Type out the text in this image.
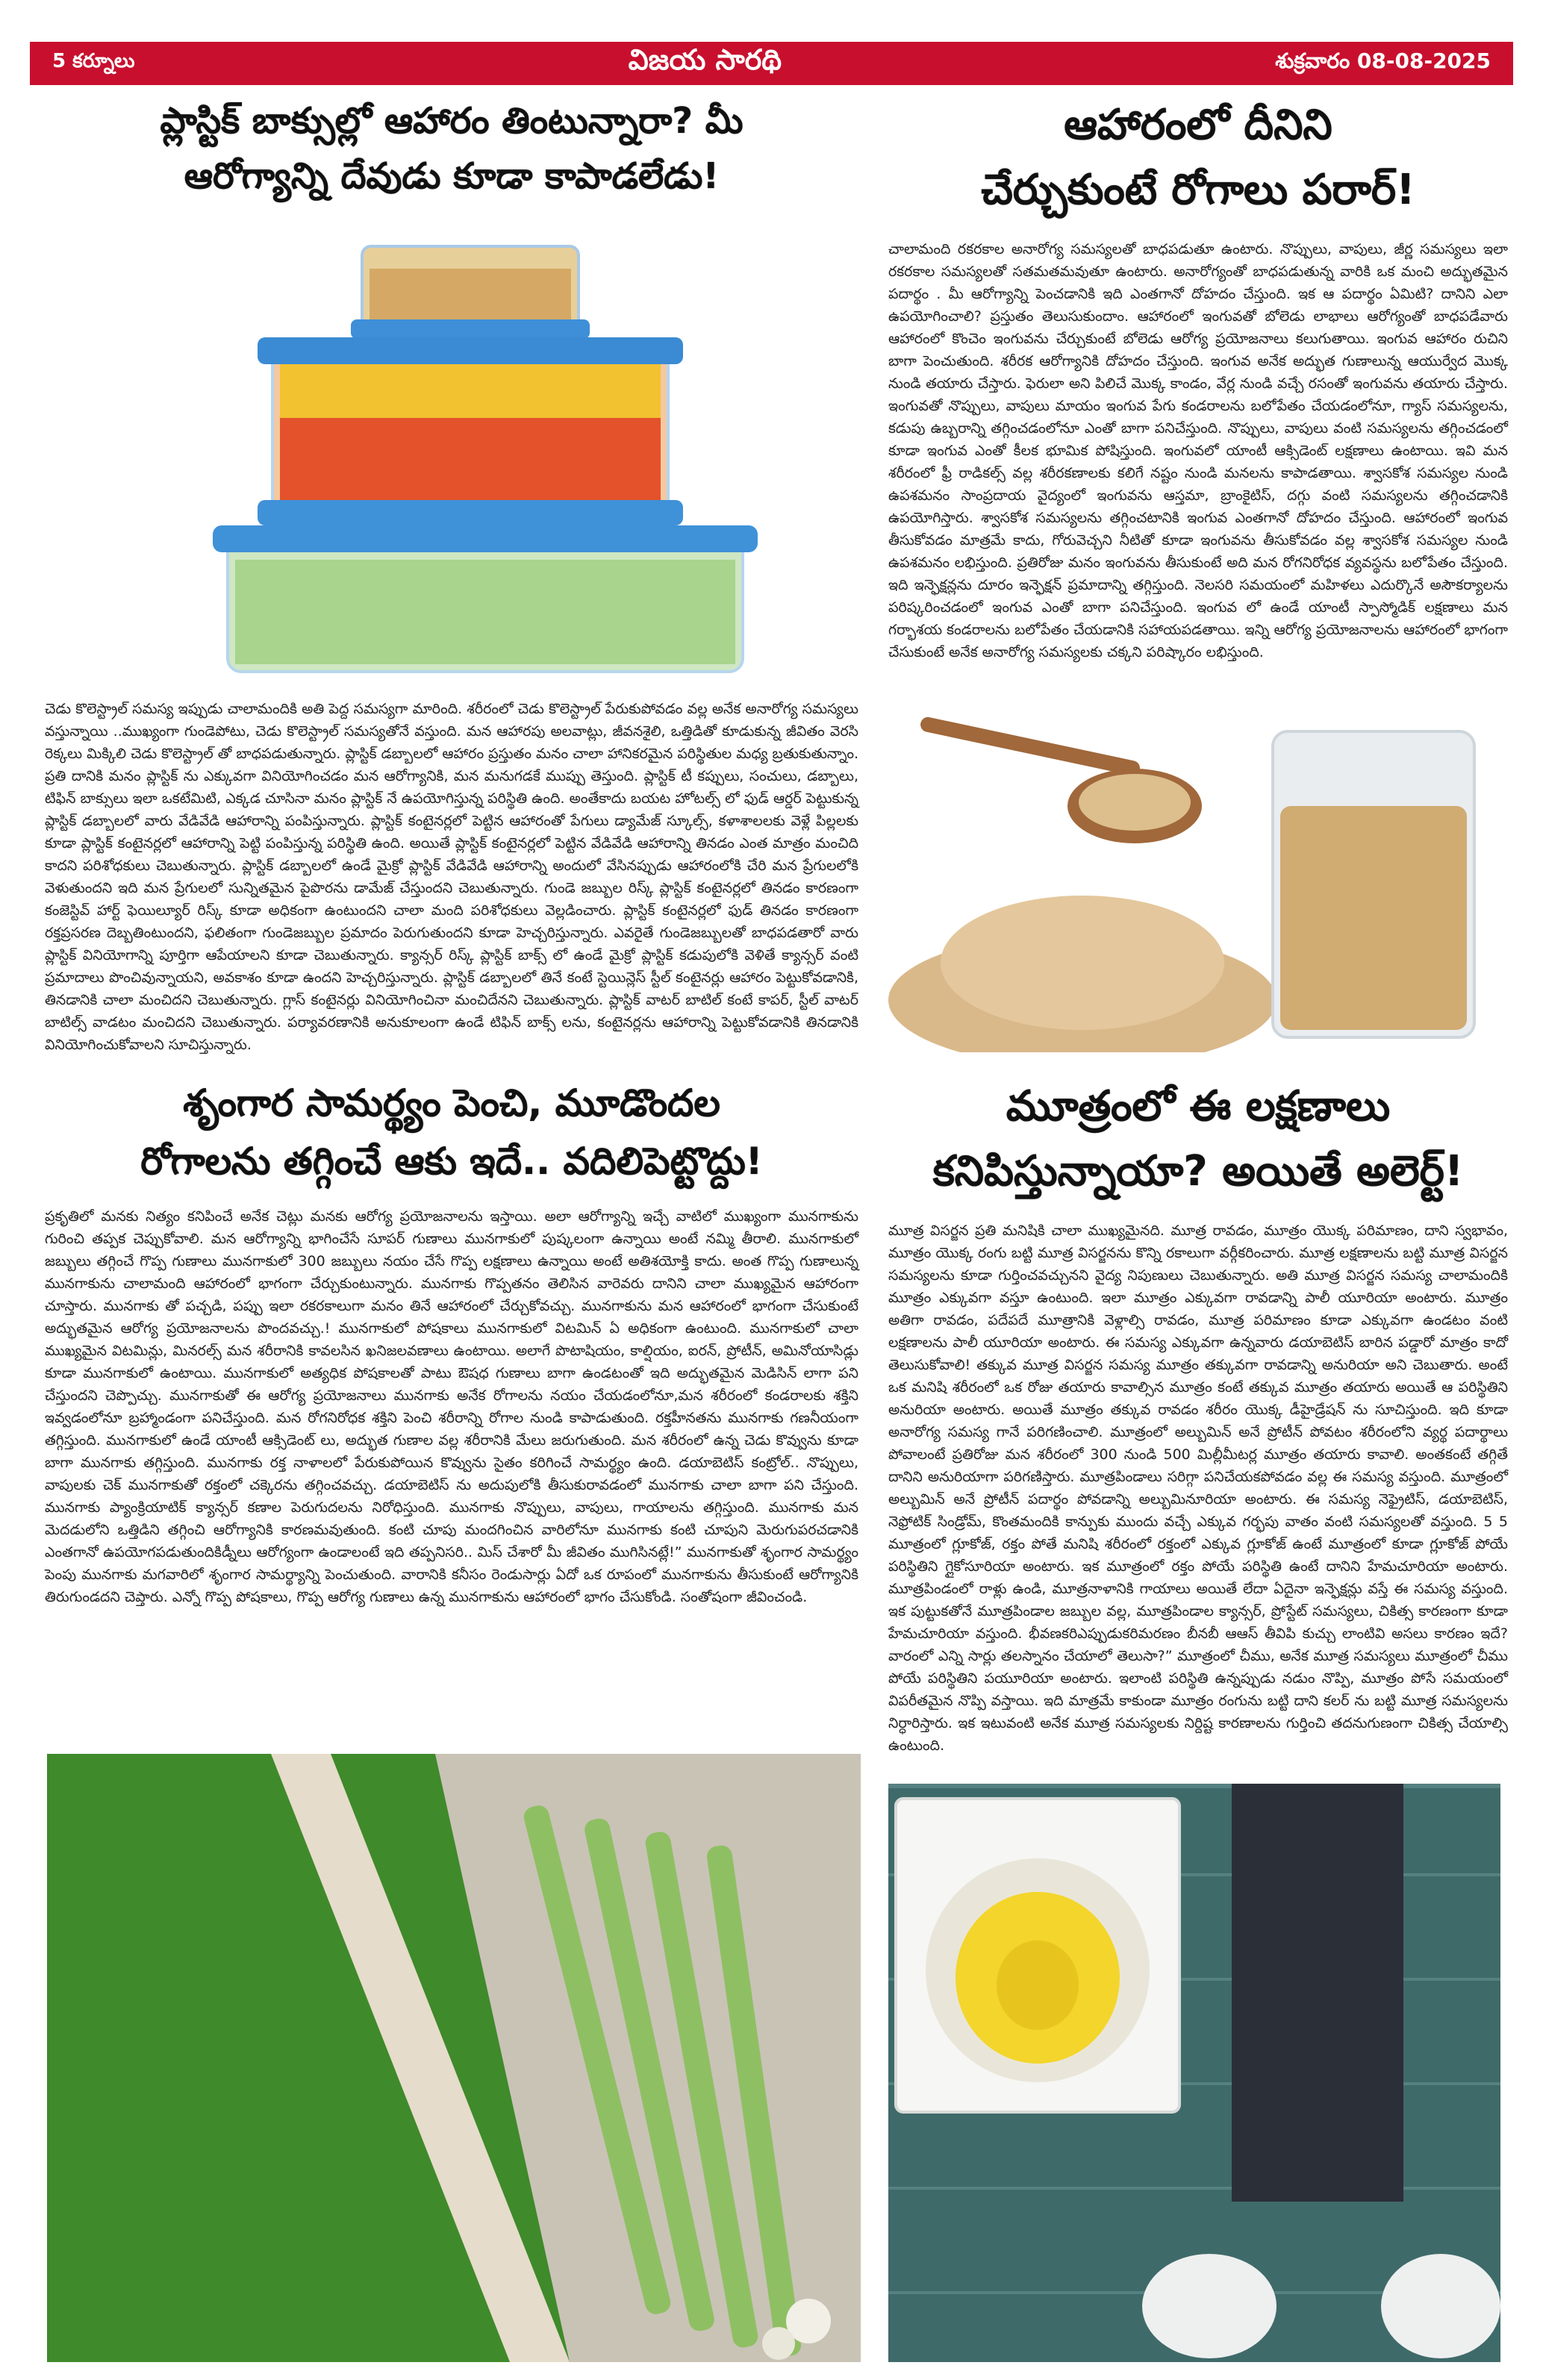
5 కర్నూలు	విజయ సారథి	శుక్రవారం 08-08-2025
ప్లాస్టిక్ బాక్సుల్లో ఆహారం తింటున్నారా? మీ
ఆరోగ్యాన్ని దేవుడు కూడా కాపాడలేడు!

చెడు కొలెస్ట్రాల్ సమస్య ఇప్పుడు చాలామందికి అతి పెద్ద సమస్యగా మారింది. శరీరంలో చెడు కొలెస్ట్రాల్ పేరుకుపోవడం వల్ల అనేక అనారోగ్య సమస్యలు వస్తున్నాయి ..ముఖ్యంగా గుండెపోటు, చెడు కొలెస్ట్రాల్ సమస్యతోనే వస్తుంది. మన ఆహారపు అలవాట్లు, జీవనశైలి, ఒత్తిడితో కూడుకున్న జీవితం వెరసి రెక్కలు మిక్కిలి చెడు కొలెస్ట్రాల్ తో బాధపడుతున్నారు. ప్లాస్టిక్ డబ్బాలలో ఆహారం ప్రస్తుతం మనం చాలా హానికరమైన పరిస్థితుల మధ్య బ్రతుకుతున్నాం. ప్రతి దానికి మనం ప్లాస్టిక్ ను ఎక్కువగా వినియోగించడం మన ఆరోగ్యానికి, మన మనుగడకే ముప్పు తెస్తుంది. ప్లాస్టిక్ టీ కప్పులు, సంచులు, డబ్బాలు, టిఫిన్ బాక్సులు ఇలా ఒకటేమిటి, ఎక్కడ చూసినా మనం ప్లాస్టిక్ నే ఉపయోగిస్తున్న పరిస్థితి ఉంది. అంతేకాదు బయట హోటల్స్ లో ఫుడ్ ఆర్డర్ పెట్టుకున్న ప్లాస్టిక్ డబ్బాలలో వారు వేడివేడి ఆహారాన్ని పంపిస్తున్నారు. ప్లాస్టిక్ కంటైనర్లలో పెట్టిన ఆహారంతో పేగులు డ్యామేజ్ స్కూల్స్, కళాశాలలకు వెళ్లే పిల్లలకు కూడా ప్లాస్టిక్ కంటైనర్లలో ఆహారాన్ని పెట్టి పంపిస్తున్న పరిస్థితి ఉంది. అయితే ప్లాస్టిక్ కంటైనర్లలో పెట్టిన వేడివేడి ఆహారాన్ని తినడం ఎంత మాత్రం మంచిది కాదని పరిశోధకులు చెబుతున్నారు. ప్లాస్టిక్ డబ్బాలలో ఉండే మైక్రో ప్లాస్టిక్ వేడివేడి ఆహారాన్ని అందులో వేసినప్పుడు ఆహారంలోకి చేరి మన ప్రేగులలోకి వెళుతుందని ఇది మన ప్రేగులలో సున్నితమైన పైపొరను డామేజ్ చేస్తుందని చెబుతున్నారు. గుండె జబ్బుల రిస్క్ ప్లాస్టిక్ కంటైనర్లలో తినడం కారణంగా కంజెస్టివ్ హార్ట్ ఫెయిల్యూర్ రిస్క్ కూడా అధికంగా ఉంటుందని చాలా మంది పరిశోధకులు వెల్లడించారు. ప్లాస్టిక్ కంటైనర్లలో ఫుడ్ తినడం కారణంగా రక్తప్రసరణ దెబ్బతింటుందని, ఫలితంగా గుండెజబ్బుల ప్రమాదం పెరుగుతుందని కూడా హెచ్చరిస్తున్నారు. ఎవరైతే గుండెజబ్బులతో బాధపడతారో వారు ప్లాస్టిక్ వినియోగాన్ని పూర్తిగా ఆపేయాలని కూడా చెబుతున్నారు. క్యాన్సర్ రిస్క్ ప్లాస్టిక్ బాక్స్ లో ఉండే మైక్రో ప్లాస్టిక్ కడుపులోకి వెళితే క్యాన్సర్ వంటి ప్రమాదాలు పొంచివున్నాయని, అవకాశం కూడా ఉందని హెచ్చరిస్తున్నారు. ప్లాస్టిక్ డబ్బాలలో తినే కంటే స్టెయిన్లెస్ స్టీల్ కంటైనర్లు ఆహారం పెట్టుకోవడానికి, తినడానికి చాలా మంచిదని చెబుతున్నారు. గ్లాస్ కంటైనర్లు వినియోగించినా మంచిదేనని చెబుతున్నారు. ప్లాస్టిక్ వాటర్ బాటిల్ కంటే కాపర్, స్టీల్ వాటర్ బాటిల్స్ వాడటం మంచిదని చెబుతున్నారు. పర్యావరణానికి అనుకూలంగా ఉండే టిఫిన్ బాక్స్ లను, కంటైనర్లను ఆహారాన్ని పెట్టుకోవడానికి తినడానికి వినియోగించుకోవాలని సూచిస్తున్నారు.

ఆహారంలో దీనిని
చేర్చుకుంటే రోగాలు పరార్!

చాలామంది రకరకాల అనారోగ్య సమస్యలతో బాధపడుతూ ఉంటారు. నొప్పులు, వాపులు, జీర్ణ సమస్యలు ఇలా రకరకాల సమస్యలతో సతమతమవుతూ ఉంటారు. అనారోగ్యంతో బాధపడుతున్న వారికి ఒక మంచి అద్భుతమైన పదార్థం . మీ ఆరోగ్యాన్ని పెంచడానికి ఇది ఎంతగానో దోహదం చేస్తుంది. ఇక ఆ పదార్థం ఏమిటి? దానిని ఎలా ఉపయోగించాలి? ప్రస్తుతం తెలుసుకుందాం. ఆహారంలో ఇంగువతో బోలెడు లాభాలు ఆరోగ్యంతో బాధపడేవారు ఆహారంలో కొంచెం ఇంగువను చేర్చుకుంటే బోలెడు ఆరోగ్య ప్రయోజనాలు కలుగుతాయి. ఇంగువ ఆహారం రుచిని బాగా పెంచుతుంది. శరీరక ఆరోగ్యానికి దోహదం చేస్తుంది. ఇంగువ అనేక అద్భుత గుణాలున్న ఆయుర్వేద మొక్క నుండి తయారు చేస్తారు. ఫెరులా అని పిలిచే మొక్క కాండం, వేర్ల నుండి వచ్చే రసంతో ఇంగువను తయారు చేస్తారు. ఇంగువతో నొప్పులు, వాపులు మాయం ఇంగువ పేగు కండరాలను బలోపేతం చేయడంలోనూ, గ్యాస్ సమస్యలను, కడుపు ఉబ్బరాన్ని తగ్గించడంలోనూ ఎంతో బాగా పనిచేస్తుంది. నొప్పులు, వాపులు వంటి సమస్యలను తగ్గించడంలో కూడా ఇంగువ ఎంతో కీలక భూమిక పోషిస్తుంది. ఇంగువలో యాంటీ ఆక్సిడెంట్ లక్షణాలు ఉంటాయి. ఇవి మన శరీరంలో ఫ్రీ రాడికల్స్ వల్ల శరీరకణాలకు కలిగే నష్టం నుండి మనలను కాపాడతాయి. శ్వాసకోశ సమస్యల నుండి ఉపశమనం సాంప్రదాయ వైద్యంలో ఇంగువను ఆస్తమా, బ్రాంకైటిస్, దగ్గు వంటి సమస్యలను తగ్గించడానికి ఉపయోగిస్తారు. శ్వాసకోశ సమస్యలను తగ్గించటానికి ఇంగువ ఎంతగానో దోహదం చేస్తుంది. ఆహారంలో ఇంగువ తీసుకోవడం మాత్రమే కాదు, గోరువెచ్చని నీటితో కూడా ఇంగువను తీసుకోవడం వల్ల శ్వాసకోశ సమస్యల నుండి ఉపశమనం లభిస్తుంది. ప్రతిరోజు మనం ఇంగువను తీసుకుంటే అది మన రోగనిరోధక వ్యవస్థను బలోపేతం చేస్తుంది. ఇది ఇన్ఫెక్షన్లను దూరం ఇన్ఫెక్షన్ ప్రమాదాన్ని తగ్గిస్తుంది. నెలసరి సమయంలో మహిళలు ఎదుర్కొనే అసౌకర్యాలను పరిష్కరించడంలో ఇంగువ ఎంతో బాగా పనిచేస్తుంది. ఇంగువ లో ఉండే యాంటీ స్పాస్మోడిక్ లక్షణాలు మన గర్భాశయ కండరాలను బలోపేతం చేయడానికి సహాయపడతాయి. ఇన్ని ఆరోగ్య ప్రయోజనాలను ఆహారంలో భాగంగా చేసుకుంటే అనేక అనారోగ్య సమస్యలకు చక్కని పరిష్కారం లభిస్తుంది.

శృంగార సామర్థ్యం పెంచి, మూడొందల
రోగాలను తగ్గించే ఆకు ఇదే.. వదిలిపెట్టొద్దు!

ప్రకృతిలో మనకు నిత్యం కనిపించే అనేక చెట్లు మనకు ఆరోగ్య ప్రయోజనాలను ఇస్తాయి. అలా ఆరోగ్యాన్ని ఇచ్చే వాటిలో ముఖ్యంగా మునగాకును గురించి తప్పక చెప్పుకోవాలి. మన ఆరోగ్యాన్ని భాగించేసే సూపర్ గుణాలు మునగాకులో పుష్కలంగా ఉన్నాయి అంటే నమ్మి తీరాలి. మునగాకులో జబ్బులు తగ్గించే గొప్ప గుణాలు మునగాకులో 300 జబ్బులు నయం చేసే గొప్ప లక్షణాలు ఉన్నాయి అంటే అతిశయోక్తి కాదు. అంత గొప్ప గుణాలున్న మునగాకును చాలామంది ఆహారంలో భాగంగా చేర్చుకుంటున్నారు. మునగాకు గొప్పతనం తెలిసిన వారెవరు దానిని చాలా ముఖ్యమైన ఆహారంగా చూస్తారు. మునగాకు తో పచ్చడి, పప్పు ఇలా రకరకాలుగా మనం తినే ఆహారంలో చేర్చుకోవచ్చు. మునగాకును మన ఆహారంలో భాగంగా చేసుకుంటే అద్భుతమైన ఆరోగ్య ప్రయోజనాలను పొందవచ్చు.! మునగాకులో పోషకాలు మునగాకులో విటమిన్ ఏ అధికంగా ఉంటుంది. మునగాకులో చాలా ముఖ్యమైన విటమిన్లు, మినరల్స్ మన శరీరానికి కావలసిన ఖనిజలవణాలు ఉంటాయి. అలాగే పొటాషియం, కాల్షియం, ఐరన్, ప్రోటీన్, అమినోయాసిడ్లు కూడా మునగాకులో ఉంటాయి. మునగాకులో అత్యధిక పోషకాలతో పాటు ఔషధ గుణాలు బాగా ఉండటంతో ఇది అద్భుతమైన మెడిసిన్ లాగా పని చేస్తుందని చెప్పొచ్చు. మునగాకుతో ఈ ఆరోగ్య ప్రయోజనాలు మునగాకు అనేక రోగాలను నయం చేయడంలోనూ,మన శరీరంలో కండరాలకు శక్తిని ఇవ్వడంలోనూ బ్రహ్మాండంగా పనిచేస్తుంది. మన రోగనిరోధక శక్తిని పెంచి శరీరాన్ని రోగాల నుండి కాపాడుతుంది. రక్తహీనతను మునగాకు గణనీయంగా తగ్గిస్తుంది. మునగాకులో ఉండే యాంటీ ఆక్సిడెంట్ లు, అద్భుత గుణాల వల్ల శరీరానికి మేలు జరుగుతుంది. మన శరీరంలో ఉన్న చెడు కొవ్వును కూడా బాగా మునగాకు తగ్గిస్తుంది. మునగాకు రక్త నాళాలలో పేరుకుపోయిన కొవ్వును సైతం కరిగించే సామర్థ్యం ఉంది. డయాబెటిస్ కంట్రోల్.. నొప్పులు, వాపులకు చెక్ మునగాకుతో రక్తంలో చక్కెరను తగ్గించవచ్చు. డయాబెటిస్ ను అదుపులోకి తీసుకురావడంలో మునగాకు చాలా బాగా పని చేస్తుంది. మునగాకు ప్యాంక్రియాటిక్ క్యాన్సర్ కణాల పెరుగుదలను నిరోధిస్తుంది. మునగాకు నొప్పులు, వాపులు, గాయాలను తగ్గిస్తుంది. మునగాకు మన మెదడులోని ఒత్తిడిని తగ్గించి ఆరోగ్యానికి కారణమవుతుంది. కంటి చూపు మందగించిన వారిలోనూ మునగాకు కంటి చూపుని మెరుగుపరచడానికి ఎంతగానో ఉపయోగపడుతుందికిడ్నీలు ఆరోగ్యంగా ఉండాలంటే ఇది తప్పనిసరి.. మిస్ చేశారో మీ జీవితం ముగిసినట్లే!” మునగాకుతో శృంగార సామర్థ్యం పెంపు మునగాకు మగవారిలో శృంగార సామర్థ్యాన్ని పెంచుతుంది. వారానికి కనీసం రెండుసార్లు ఏదో ఒక రూపంలో మునగాకును తీసుకుంటే ఆరోగ్యానికి తిరుగుండదని చెప్తారు. ఎన్నో గొప్ప పోషకాలు, గొప్ప ఆరోగ్య గుణాలు ఉన్న మునగాకును ఆహారంలో భాగం చేసుకోండి. సంతోషంగా జీవించండి.

మూత్రంలో ఈ లక్షణాలు
కనిపిస్తున్నాయా? అయితే అలెర్ట్!

మూత్ర విసర్జన ప్రతి మనిషికి చాలా ముఖ్యమైనది. మూత్ర రావడం, మూత్రం యొక్క పరిమాణం, దాని స్వభావం, మూత్రం యొక్క రంగు బట్టి మూత్ర విసర్జనను కొన్ని రకాలుగా వర్గీకరించారు. మూత్ర లక్షణాలను బట్టి మూత్ర విసర్జన సమస్యలను కూడా గుర్తించవచ్చునని వైద్య నిపుణులు చెబుతున్నారు. అతి మూత్ర విసర్జన సమస్య చాలామందికి మూత్రం ఎక్కువగా వస్తూ ఉంటుంది. ఇలా మూత్రం ఎక్కువగా రావడాన్ని పాలీ యూరియా అంటారు. మూత్రం అతిగా రావడం, పదేపదే మూత్రానికి వెళ్లాల్సి రావడం, మూత్ర పరిమాణం కూడా ఎక్కువగా ఉండటం వంటి లక్షణాలను పాలీ యూరియా అంటారు. ఈ సమస్య ఎక్కువగా ఉన్నవారు డయాబెటిస్ బారిన పడ్డారో మాత్రం కాదో తెలుసుకోవాలి! తక్కువ మూత్ర విసర్జన సమస్య మూత్రం తక్కువగా రావడాన్ని అనురియా అని చెబుతారు. అంటే ఒక మనిషి శరీరంలో ఒక రోజు తయారు కావాల్సిన మూత్రం కంటే తక్కువ మూత్రం తయారు అయితే ఆ పరిస్థితిని అనురియా అంటారు. అయితే మూత్రం తక్కువ రావడం శరీరం యొక్క డీహైడ్రేషన్ ను సూచిస్తుంది. ఇది కూడా అనారోగ్య సమస్య గానే పరిగణించాలి. మూత్రంలో అల్బుమిన్ అనే ప్రోటీన్ పోవటం శరీరంలోని వ్యర్థ పదార్థాలు పోవాలంటే ప్రతిరోజు మన శరీరంలో 300 నుండి 500 మిల్లీమీటర్ల మూత్రం తయారు కావాలి. అంతకంటే తగ్గితే దానిని అనురియాగా పరిగణిస్తారు. మూత్రపిండాలు సరిగ్గా పనిచేయకపోవడం వల్ల ఈ సమస్య వస్తుంది. మూత్రంలో అల్బుమిన్ అనే ప్రోటీన్ పదార్థం పోవడాన్ని అల్బుమినూరియా అంటారు. ఈ సమస్య నెఫ్రైటిస్, డయాబెటిస్, నెఫ్రోటిక్ సిండ్రోమ్, కొంతమందికి కాన్పుకు ముందు వచ్చే ఎక్కువ గర్భపు వాతం వంటి సమస్యలతో వస్తుంది. 5 5 మూత్రంలో గ్లూకోజ్, రక్తం పోతే మనిషి శరీరంలో రక్తంలో ఎక్కువ గ్లూకోజ్ ఉంటే మూత్రంలో కూడా గ్లూకోజ్ పోయే పరిస్థితిని గ్లైకోసూరియా అంటారు. ఇక మూత్రంలో రక్తం పోయే పరిస్థితి ఉంటే దానిని హేమచూరియా అంటారు. మూత్రపిండంలో రాళ్లు ఉండి, మూత్రనాళానికి గాయాలు అయితే లేదా ఏదైనా ఇన్ఫెక్షన్లు వస్తే ఈ సమస్య వస్తుంది. ఇక పుట్టుకతోనే మూత్రపిండాల జబ్బుల వల్ల, మూత్రపిండాల క్యాన్సర్, ప్రోస్టేట్ సమస్యలు, చికిత్స కారణంగా కూడా హేమచూరియా వస్తుంది. భీవణకరిఎప్పుడుకరిమరణం బీనబీ ఆఆస్ తీవిపి కుచ్చు లాంటివి అసలు కారణం ఇదే? వారంలో ఎన్ని సార్లు తలస్నానం చేయాలో తెలుసా?” మూత్రంలో చీము, అనేక మూత్ర సమస్యలు మూత్రంలో చీము పోయే పరిస్థితిని పయూరియా అంటారు. ఇలాంటి పరిస్థితి ఉన్నప్పుడు నడుం నొప్పి, మూత్రం పోసే సమయంలో విపరీతమైన నొప్పి వస్తాయి. ఇది మాత్రమే కాకుండా మూత్రం రంగును బట్టి దాని కలర్ ను బట్టి మూత్ర సమస్యలను నిర్ధారిస్తారు. ఇక ఇటువంటి అనేక మూత్ర సమస్యలకు నిర్దిష్ట కారణాలను గుర్తించి తదనుగుణంగా చికిత్స చేయాల్సి ఉంటుంది.
